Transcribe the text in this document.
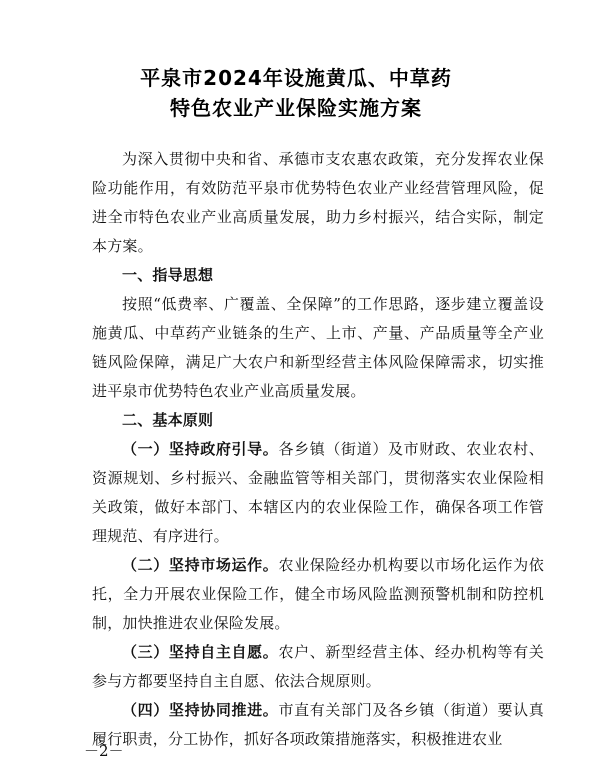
平泉市2024年设施黄瓜、中草药
特色农业产业保险实施方案

为深入贯彻中央和省、承德市支农惠农政策，充分发挥农业保险功能作用，有效防范平泉市优势特色农业产业经营管理风险，促进全市特色农业产业高质量发展，助力乡村振兴，结合实际，制定本方案。

一、指导思想

按照“低费率、广覆盖、全保障”的工作思路，逐步建立覆盖设施黄瓜、中草药产业链条的生产、上市、产量、产品质量等全产业链风险保障，满足广大农户和新型经营主体风险保障需求，切实推进平泉市优势特色农业产业高质量发展。

二、基本原则

（一）坚持政府引导。各乡镇（街道）及市财政、农业农村、资源规划、乡村振兴、金融监管等相关部门，贯彻落实农业保险相关政策，做好本部门、本辖区内的农业保险工作，确保各项工作管理规范、有序进行。

（二）坚持市场运作。农业保险经办机构要以市场化运作为依托，全力开展农业保险工作，健全市场风险监测预警机制和防控机制，加快推进农业保险发展。

（三）坚持自主自愿。农户、新型经营主体、经办机构等有关参与方都要坚持自主自愿、依法合规原则。

（四）坚持协同推进。市直有关部门及各乡镇（街道）要认真履行职责，分工协作，抓好各项政策措施落实，积极推进农业

－2－
